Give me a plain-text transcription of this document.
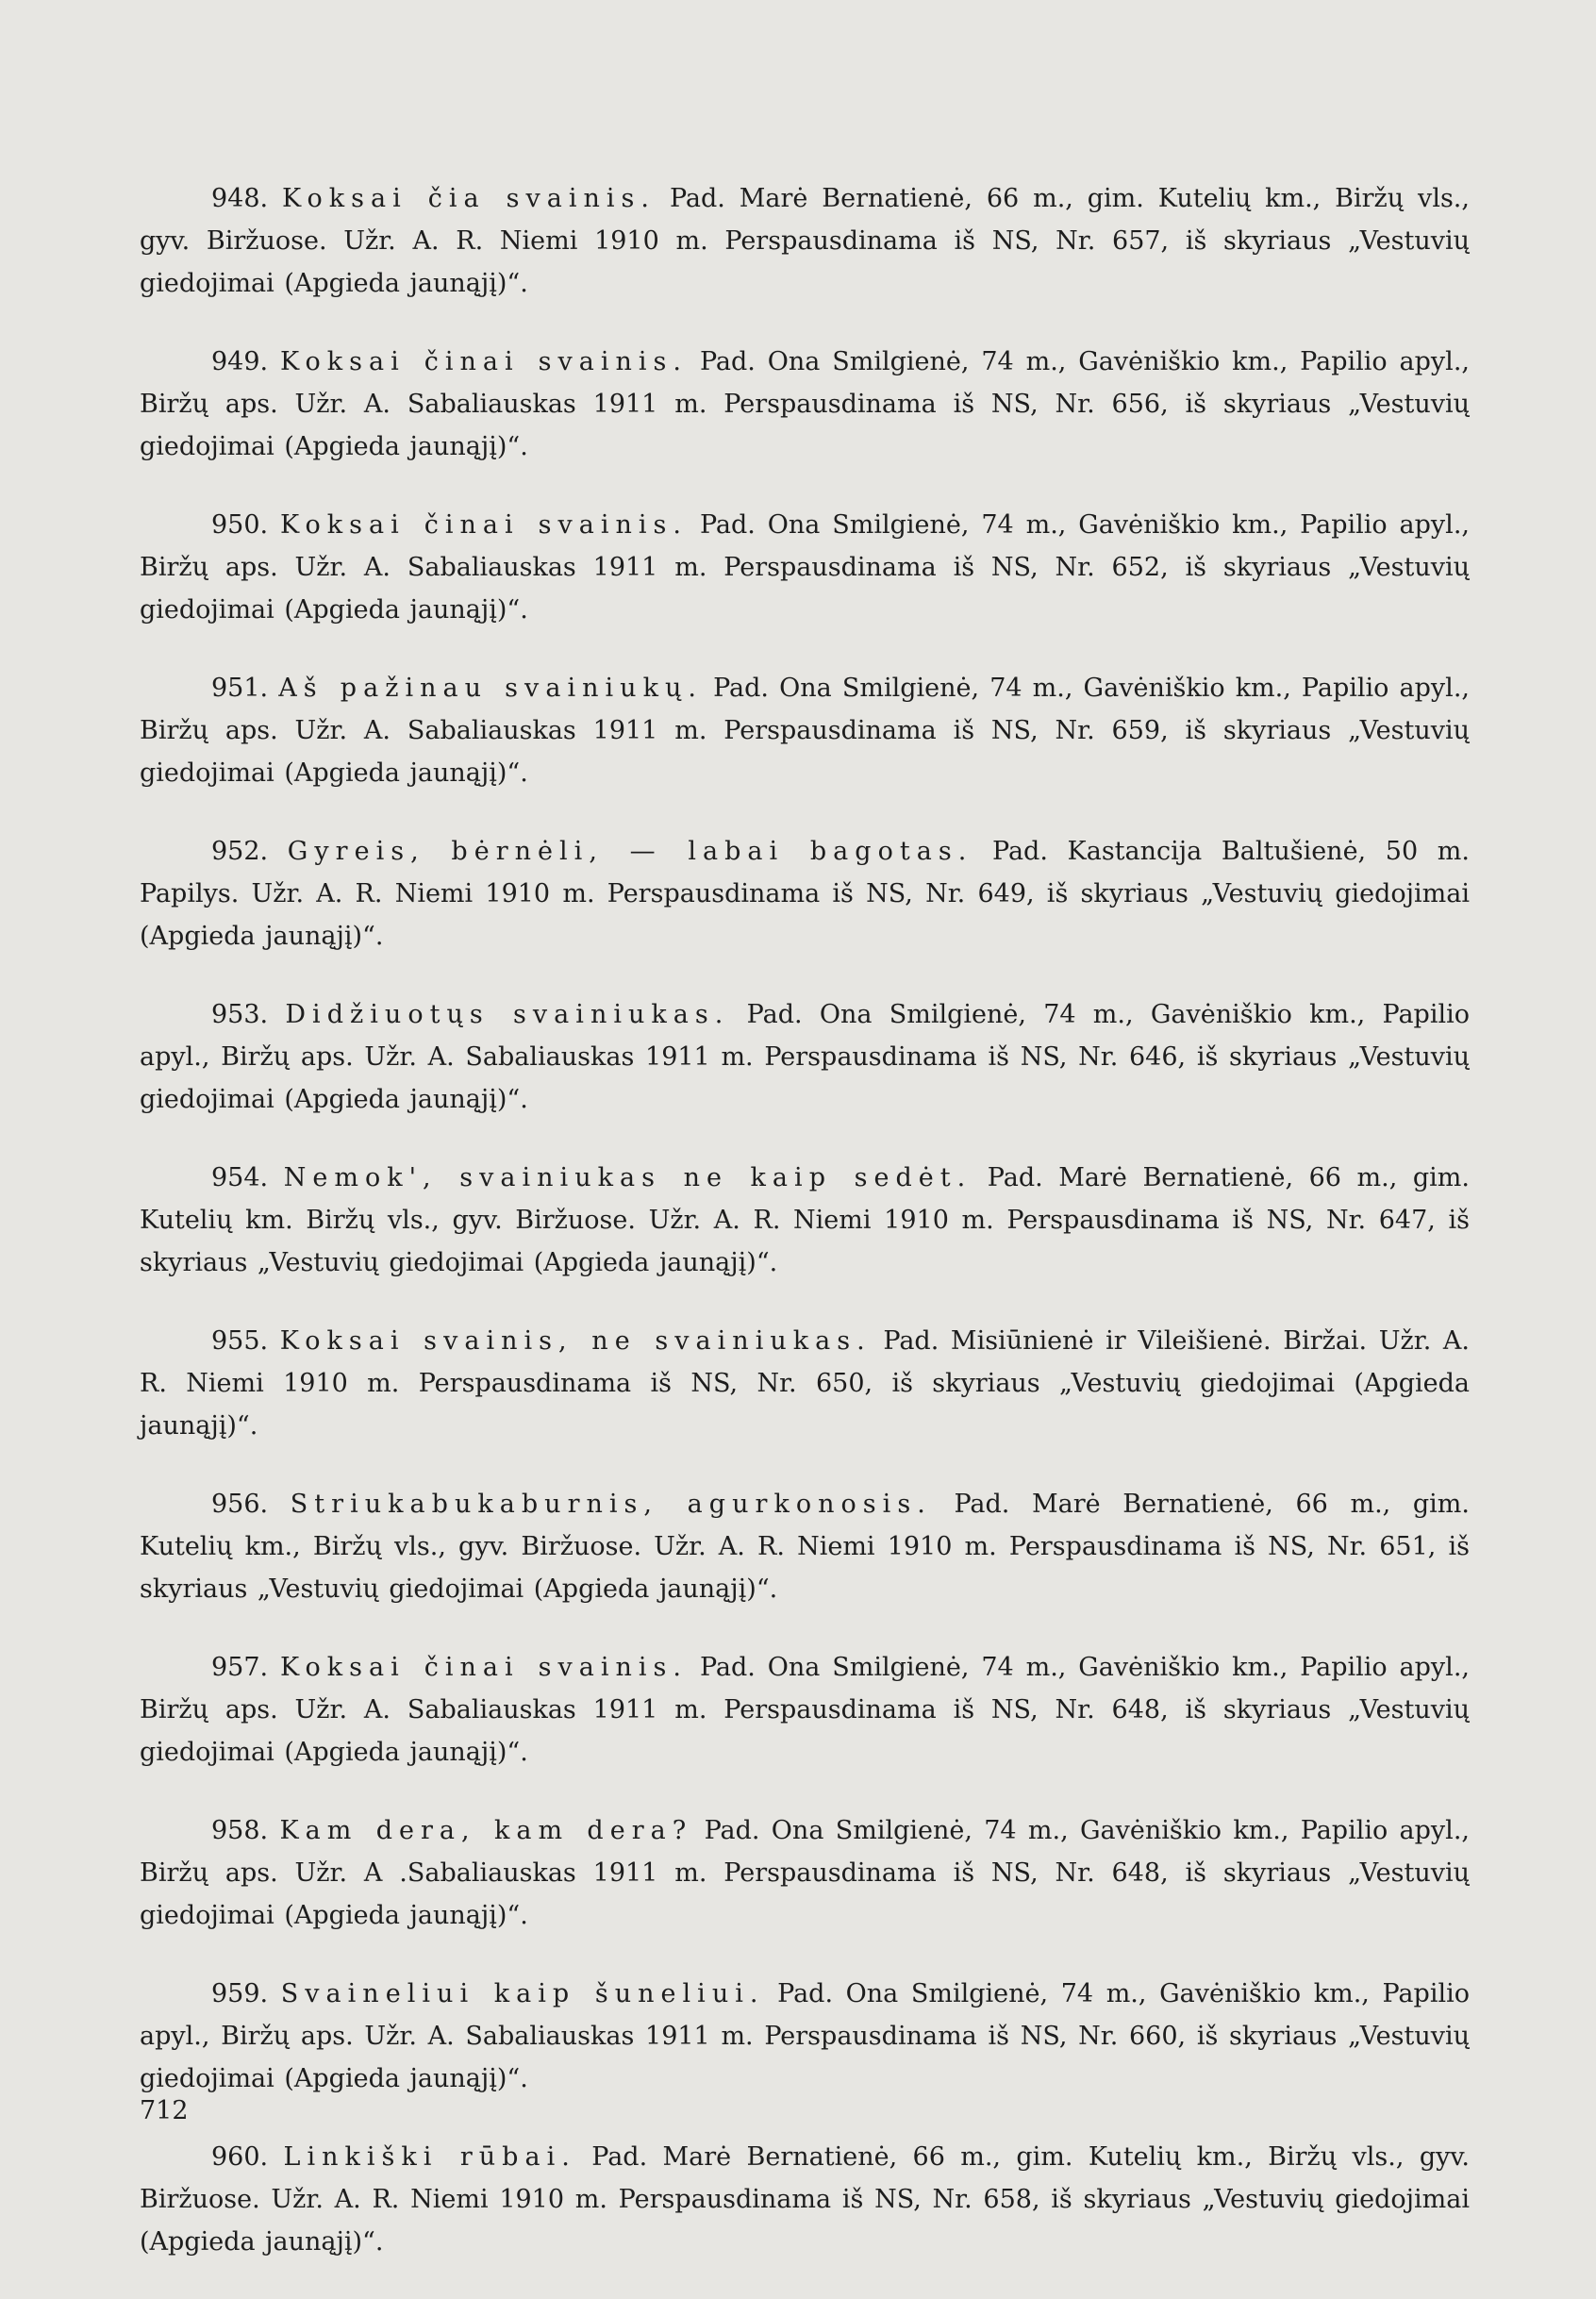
948. Koksai čia svainis. Pad. Marė Bernatienė, 66 m., gim. Kutelių km., Biržų vls., gyv. Biržuose. Užr. A. R. Niemi 1910 m. Perspausdinama iš NS, Nr. 657, iš skyriaus „Vestuvių giedojimai (Apgieda jaunąjį)“.

949. Koksai činai svainis. Pad. Ona Smilgienė, 74 m., Gavėniškio km., Papilio apyl., Biržų aps. Užr. A. Sabaliauskas 1911 m. Perspausdinama iš NS, Nr. 656, iš skyriaus „Vestuvių giedojimai (Apgieda jaunąjį)“.

950. Koksai činai svainis. Pad. Ona Smilgienė, 74 m., Gavėniškio km., Papilio apyl., Biržų aps. Užr. A. Sabaliauskas 1911 m. Perspausdinama iš NS, Nr. 652, iš skyriaus „Vestuvių giedojimai (Apgieda jaunąjį)“.

951. Aš pažinau svainiukų. Pad. Ona Smilgienė, 74 m., Gavėniškio km., Papilio apyl., Biržų aps. Užr. A. Sabaliauskas 1911 m. Perspausdinama iš NS, Nr. 659, iš skyriaus „Vestuvių giedojimai (Apgieda jaunąjį)“.

952. Gyreis, bėrnėli, — labai bagotas. Pad. Kastancija Baltušienė, 50 m. Papilys. Užr. A. R. Niemi 1910 m. Perspausdinama iš NS, Nr. 649, iš skyriaus „Vestuvių giedojimai (Apgieda jaunąjį)“.

953. Didžiuotųs svainiukas. Pad. Ona Smilgienė, 74 m., Gavėniškio km., Papilio apyl., Biržų aps. Užr. A. Sabaliauskas 1911 m. Perspausdinama iš NS, Nr. 646, iš skyriaus „Vestuvių giedojimai (Apgieda jaunąjį)“.

954. Nemok', svainiukas ne kaip sedėt. Pad. Marė Bernatienė, 66 m., gim. Kutelių km. Biržų vls., gyv. Biržuose. Užr. A. R. Niemi 1910 m. Perspausdinama iš NS, Nr. 647, iš skyriaus „Vestuvių giedojimai (Apgieda jaunąjį)“.

955. Koksai svainis, ne svainiukas. Pad. Misiūnienė ir Vileišienė. Biržai. Užr. A. R. Niemi 1910 m. Perspausdinama iš NS, Nr. 650, iš skyriaus „Vestuvių giedojimai (Apgieda jaunąjį)“.

956. Striukabukaburnis, agurkonosis. Pad. Marė Bernatienė, 66 m., gim. Kutelių km., Biržų vls., gyv. Biržuose. Užr. A. R. Niemi 1910 m. Perspausdinama iš NS, Nr. 651, iš skyriaus „Vestuvių giedojimai (Apgieda jaunąjį)“.

957. Koksai činai svainis. Pad. Ona Smilgienė, 74 m., Gavėniškio km., Papilio apyl., Biržų aps. Užr. A. Sabaliauskas 1911 m. Perspausdinama iš NS, Nr. 648, iš skyriaus „Vestuvių giedojimai (Apgieda jaunąjį)“.

958. Kam dera, kam dera? Pad. Ona Smilgienė, 74 m., Gavėniškio km., Papilio apyl., Biržų aps. Užr. A .Sabaliauskas 1911 m. Perspausdinama iš NS, Nr. 648, iš skyriaus „Vestuvių giedojimai (Apgieda jaunąjį)“.

959. Svaineliui kaip šuneliui. Pad. Ona Smilgienė, 74 m., Gavėniškio km., Papilio apyl., Biržų aps. Užr. A. Sabaliauskas 1911 m. Perspausdinama iš NS, Nr. 660, iš skyriaus „Vestuvių giedojimai (Apgieda jaunąjį)“.

960. Linkiški rūbai. Pad. Marė Bernatienė, 66 m., gim. Kutelių km., Biržų vls., gyv. Biržuose. Užr. A. R. Niemi 1910 m. Perspausdinama iš NS, Nr. 658, iš skyriaus „Vestuvių giedojimai (Apgieda jaunąjį)“.

712
